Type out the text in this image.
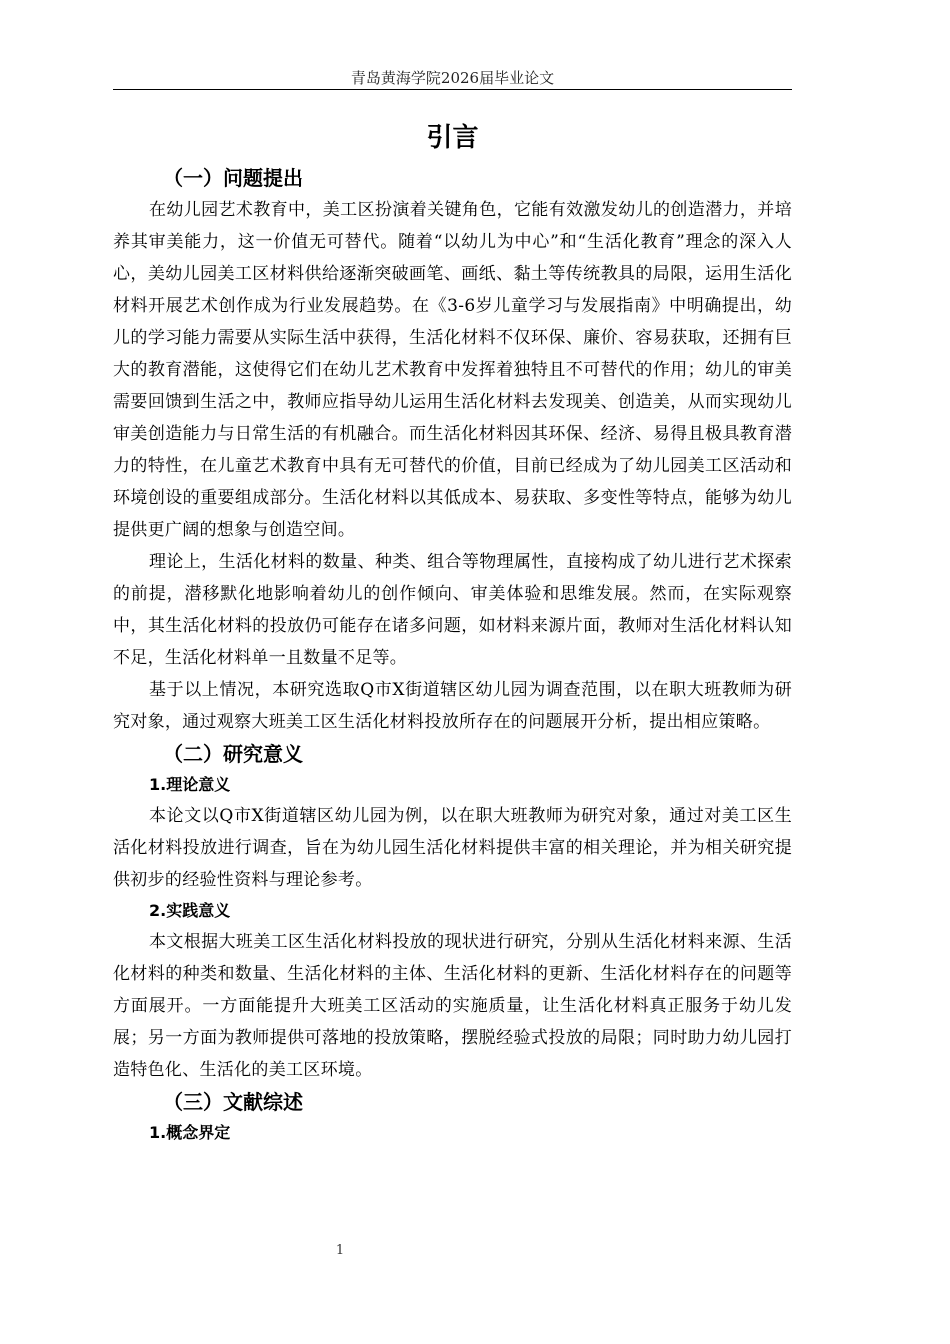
青岛黄海学院2026届毕业论文
引言
（一）问题提出

在幼儿园艺术教育中，美工区扮演着关键角色，它能有效激发幼儿的创造潜力，并培养其审美能力，这一价值无可替代。随着“以幼儿为中心”和“生活化教育”理念的深入人心，美幼儿园美工区材料供给逐渐突破画笔、画纸、黏土等传统教具的局限，运用生活化材料开展艺术创作成为行业发展趋势。在《3-6岁儿童学习与发展指南》中明确提出，幼儿的学习能力需要从实际生活中获得，生活化材料不仅环保、廉价、容易获取，还拥有巨大的教育潜能，这使得它们在幼儿艺术教育中发挥着独特且不可替代的作用；幼儿的审美需要回馈到生活之中，教师应指导幼儿运用生活化材料去发现美、创造美，从而实现幼儿审美创造能力与日常生活的有机融合。而生活化材料因其环保、经济、易得且极具教育潜力的特性，在儿童艺术教育中具有无可替代的价值，目前已经成为了幼儿园美工区活动和环境创设的重要组成部分。生活化材料以其低成本、易获取、多变性等特点，能够为幼儿提供更广阔的想象与创造空间。

理论上，生活化材料的数量、种类、组合等物理属性，直接构成了幼儿进行艺术探索的前提，潜移默化地影响着幼儿的创作倾向、审美体验和思维发展。然而，在实际观察中，其生活化材料的投放仍可能存在诸多问题，如材料来源片面，教师对生活化材料认知不足，生活化材料单一且数量不足等。

基于以上情况，本研究选取Q市X街道辖区幼儿园为调查范围，以在职大班教师为研究对象，通过观察大班美工区生活化材料投放所存在的问题展开分析，提出相应策略。

（二）研究意义
1.理论意义

本论文以Q市X街道辖区幼儿园为例，以在职大班教师为研究对象，通过对美工区生活化材料投放进行调查，旨在为幼儿园生活化材料提供丰富的相关理论，并为相关研究提供初步的经验性资料与理论参考。

2.实践意义

本文根据大班美工区生活化材料投放的现状进行研究，分别从生活化材料来源、生活化材料的种类和数量、生活化材料的主体、生活化材料的更新、生活化材料存在的问题等方面展开。一方面能提升大班美工区活动的实施质量，让生活化材料真正服务于幼儿发展；另一方面为教师提供可落地的投放策略，摆脱经验式投放的局限；同时助力幼儿园打造特色化、生活化的美工区环境。

（三）文献综述
1.概念界定
1
